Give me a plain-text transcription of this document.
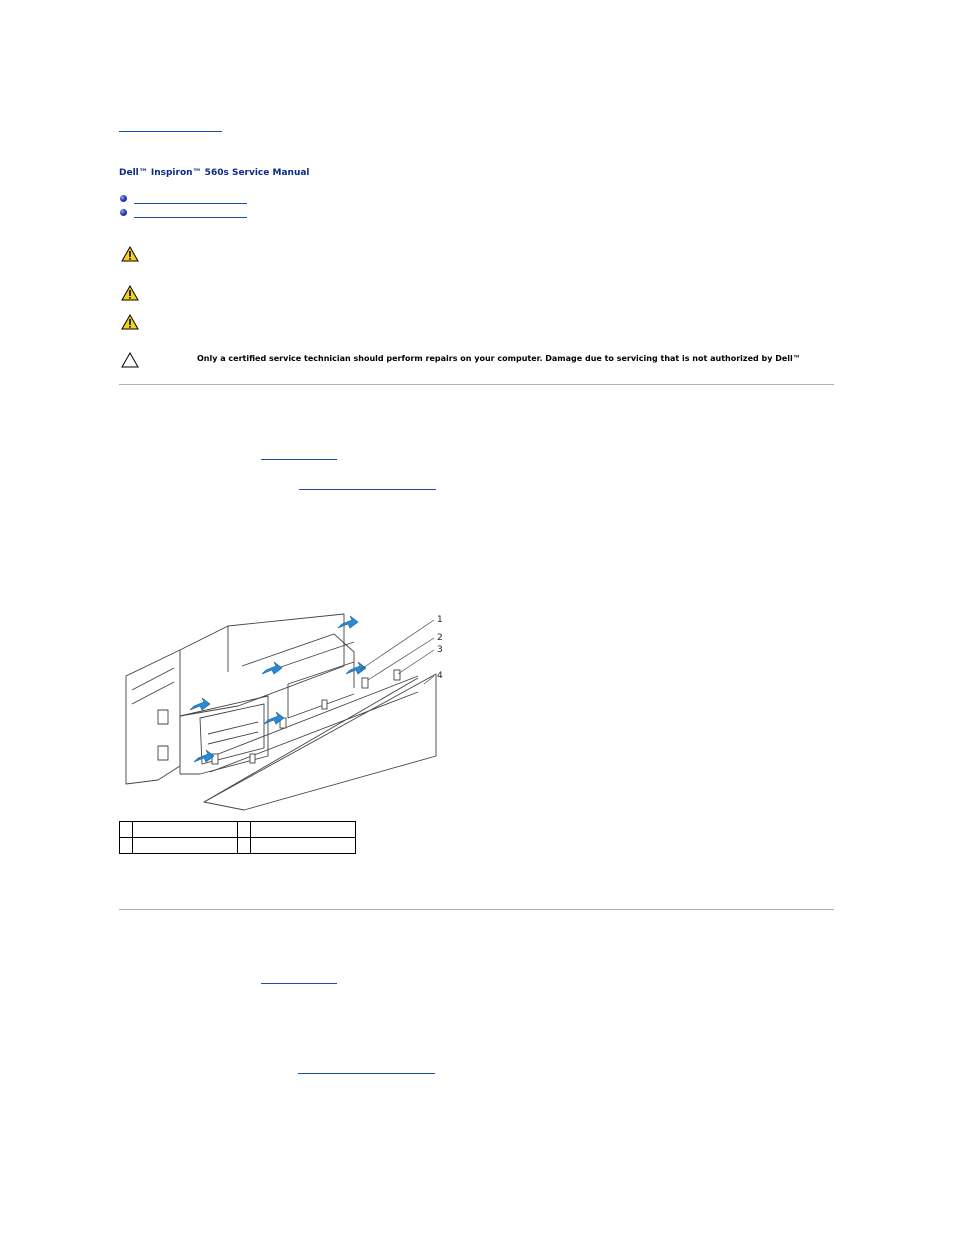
Dell™ Inspiron™ 560s Service Manual
Only a certified service technician should perform repairs on your computer. Damage due to servicing that is not authorized by Dell™
1
2
3
4
